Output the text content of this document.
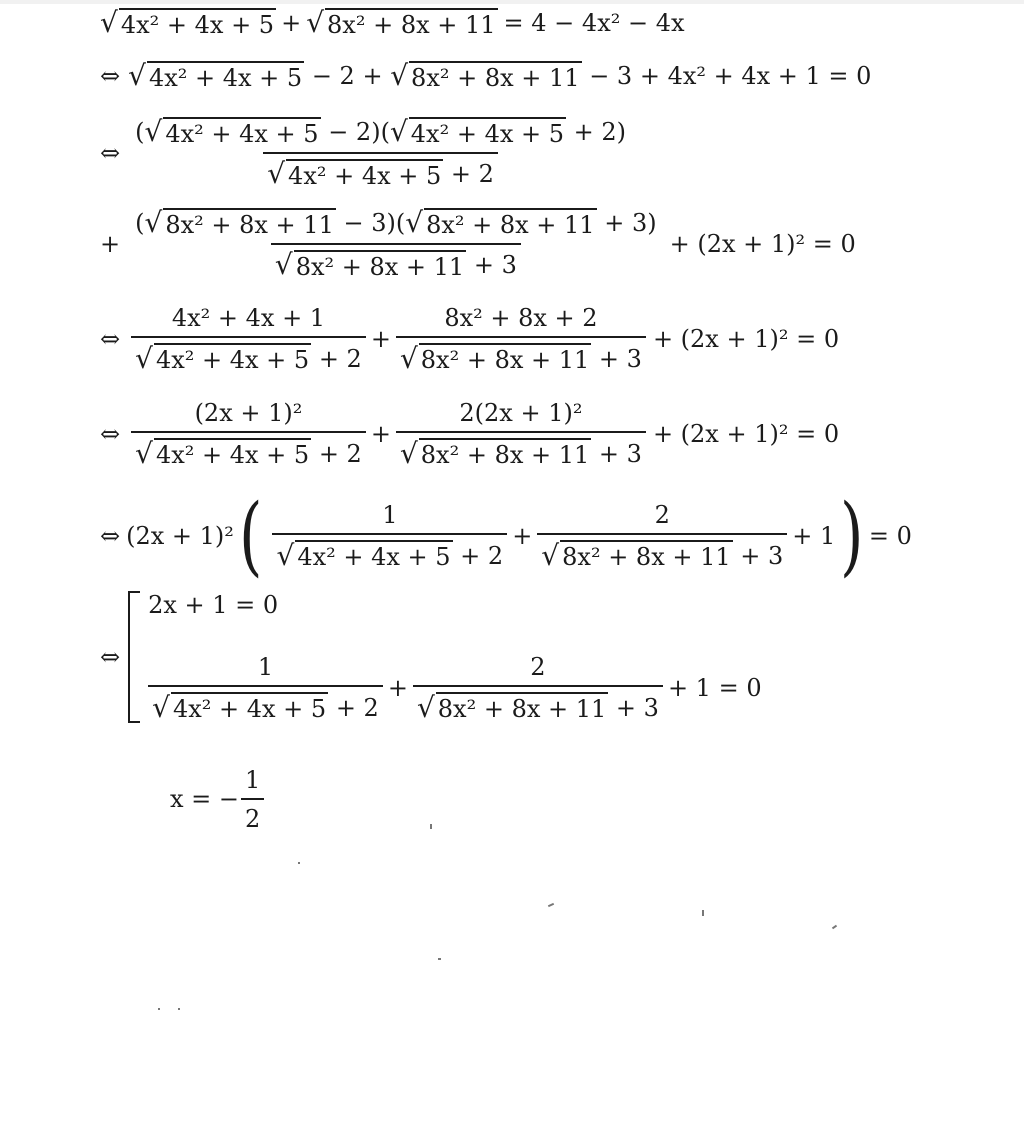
√ 4x² + 4x + 5 + √ 8x² + 8x + 11 = 4 − 4x² − 4x
⇔ √ 4x² + 4x + 5 − 2 + √ 8x² + 8x + 11 − 3 + 4x² + 4x + 1 = 0
⇔
( √ 4x² + 4x + 5 − 2 )( √ 4x² + 4x + 5 + 2 )
√ 4x² + 4x + 5 + 2
+
( √ 8x² + 8x + 11 − 3 )( √ 8x² + 8x + 11 + 3 )
√ 8x² + 8x + 11 + 3
+ (2x + 1)² = 0
⇔ $\frac{\text{4x² + 4x + 1}}{\text{√ 4x² + 4x + 5 + 2}} + \frac{\text{8x² + 8x + 2}}{\text{√ 8x² + 8x + 11 + 3}} + (2x + 1)^2 = 0$
⇔ $\frac{\text{(2x + 1)²}}{\text{√ 4x² + 4x + 5 + 2}} + \frac{\text{2(2x + 1)²}}{\text{√ 8x² + 8x + 11 + 3}} + (2x + 1)^2 = 0$
⇔ (2x + 1)² ( $\frac{1}{\text{√ 4x² + 4x + 5 + 2}} + \frac{2}{\text{√ 8x² + 8x + 11 + 3}} + 1$ ) = 0
⇔
2x + 1 = 0
$\frac{1}{\text{√ 4x² + 4x + 5 + 2}} + \frac{2}{\text{√ 8x² + 8x + 11 + 3}} + 1 = 0$
x = − $\frac{1}{2}$
